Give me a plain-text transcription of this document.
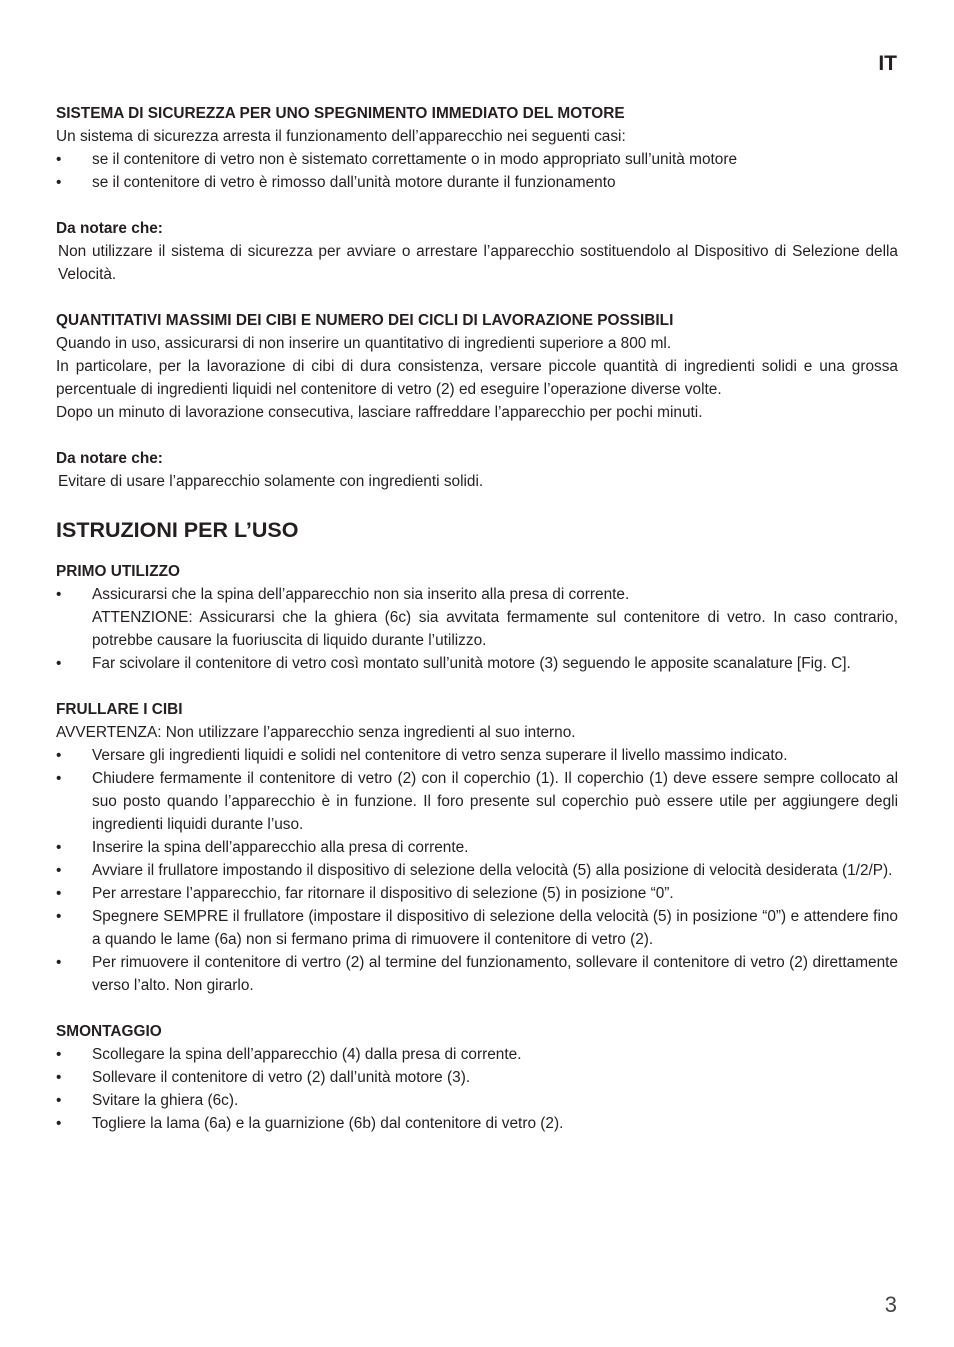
IT

SISTEMA DI SICUREZZA PER UNO SPEGNIMENTO IMMEDIATO DEL MOTORE

Un sistema di sicurezza arresta il funzionamento dell’apparecchio nei seguenti casi:

• se il contenitore di vetro non è sistemato correttamente o in modo appropriato sull’unità motore
• se il contenitore di vetro è rimosso dall’unità motore durante il funzionamento

Da notare che:

Non utilizzare il sistema di sicurezza per avviare o arrestare l’apparecchio sostituendolo al Dispositivo di Selezione della Velocità.

QUANTITATIVI MASSIMI DEI CIBI E NUMERO DEI CICLI DI LAVORAZIONE POSSIBILI

Quando in uso, assicurarsi di non inserire un quantitativo di ingredienti superiore a 800 ml.

In particolare, per la lavorazione di cibi di dura consistenza, versare piccole quantità di ingredienti solidi e una grossa percentuale di ingredienti liquidi nel contenitore di vetro (2) ed eseguire l’operazione diverse volte.

Dopo un minuto di lavorazione consecutiva, lasciare raffreddare l’apparecchio per pochi minuti.

Da notare che:

Evitare di usare l’apparecchio solamente con ingredienti solidi.

ISTRUZIONI PER L’USO

PRIMO UTILIZZO

• Assicurarsi che la spina dell’apparecchio non sia inserito alla presa di corrente.
ATTENZIONE: Assicurarsi che la ghiera (6c) sia avvitata fermamente sul contenitore di vetro. In caso contrario, potrebbe causare la fuoriuscita di liquido durante l’utilizzo.
• Far scivolare il contenitore di vetro così montato sull’unità motore (3) seguendo le apposite scanalature [Fig. C].

FRULLARE I CIBI

AVVERTENZA: Non utilizzare l’apparecchio senza ingredienti al suo interno.

• Versare gli ingredienti liquidi e solidi nel contenitore di vetro senza superare il livello massimo indicato.
• Chiudere fermamente il contenitore di vetro (2) con il coperchio (1). Il coperchio (1) deve essere sempre collocato al suo posto quando l’apparecchio è in funzione. Il foro presente sul coperchio può essere utile per aggiungere degli ingredienti liquidi durante l’uso.
• Inserire la spina dell’apparecchio alla presa di corrente.
• Avviare il frullatore impostando il dispositivo di selezione della velocità (5) alla posizione di velocità desiderata (1/2/P).
• Per arrestare l’apparecchio, far ritornare il dispositivo di selezione (5) in posizione “0”.
• Spegnere SEMPRE il frullatore (impostare il dispositivo di selezione della velocità (5) in posizione “0”) e attendere fino a quando le lame (6a) non si fermano prima di rimuovere il contenitore di vetro (2).
• Per rimuovere il contenitore di vertro (2) al termine del funzionamento, sollevare il contenitore di vetro (2) direttamente verso l’alto. Non girarlo.

SMONTAGGIO

• Scollegare la spina dell’apparecchio (4) dalla presa di corrente.
• Sollevare il contenitore di vetro (2) dall’unità motore (3).
• Svitare la ghiera (6c).
• Togliere la lama (6a) e la guarnizione (6b) dal contenitore di vetro (2).
3
